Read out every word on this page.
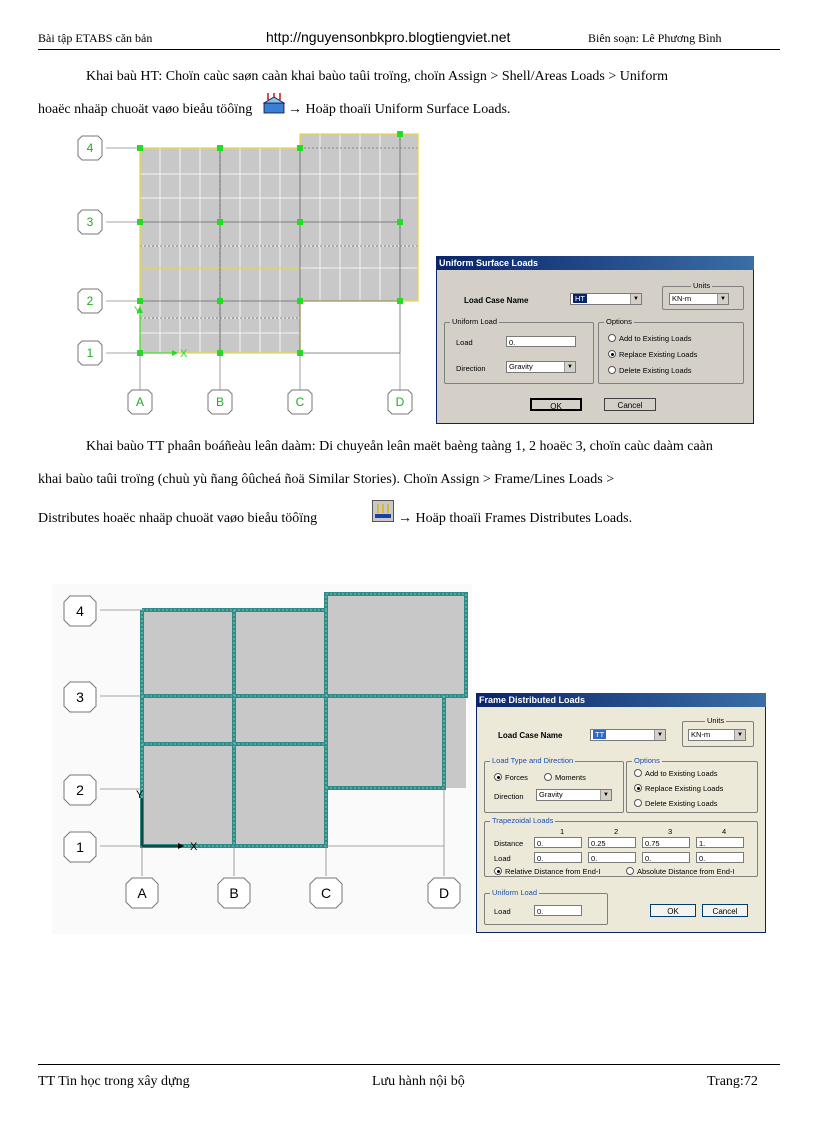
Bài tập ETABS căn bản	http://nguyensonbkpro.blogtiengviet.net	Biên soạn: Lê Phương Bình
Khai baù HT: Choïn caùc saøn caàn khai baùo taûi troïng, choïn Assign > Shell/Areas Loads > Uniform
hoaëc nhaäp chuoät vaøo bieåu töôïng	→ Hoäp thoaïi Uniform Surface Loads.
X
Y
4
3
2
1
A	B	C	D
Uniform Surface Loads
Load Case Name	HT	▼
Units
KN-m	▼
Uniform Load
Load	0.
Direction	Gravity	▼
Options
Add to Existing Loads
Replace Existing Loads
Delete Existing Loads
OK	Cancel
Khai baùo TT phaân boáñeàu leân daàm: Di chuyeån leân maët baèng taàng 1, 2 hoaëc 3, choïn caùc daàm caàn
khai baùo taûi troïng (chuù yù ñang ôûcheá ñoä Similar Stories). Choïn Assign > Frame/Lines Loads >
Distributes hoaëc nhaäp chuoät vaøo bieåu töôïng	→ Hoäp thoaïi Frames Distributes Loads.
X
Y
4
3
2
1
A	B	C	D
Frame Distributed Loads
Load Case Name	TT	▼
Units
KN-m	▼
Load Type and Direction
Forces	Moments
Direction	Gravity	▼
Options
Add to Existing Loads
Replace Existing Loads
Delete Existing Loads
Trapezoidal Loads
1	2	3	4
Distance	0.	0.25	0.75	1.
Load	0.	0.	0.	0.
Relative Distance from End-I	Absolute Distance from End-I
Uniform Load
Load	0.	OK	Cancel
TT Tin học trong xây dựng	Lưu hành nội bộ	Trang:72
